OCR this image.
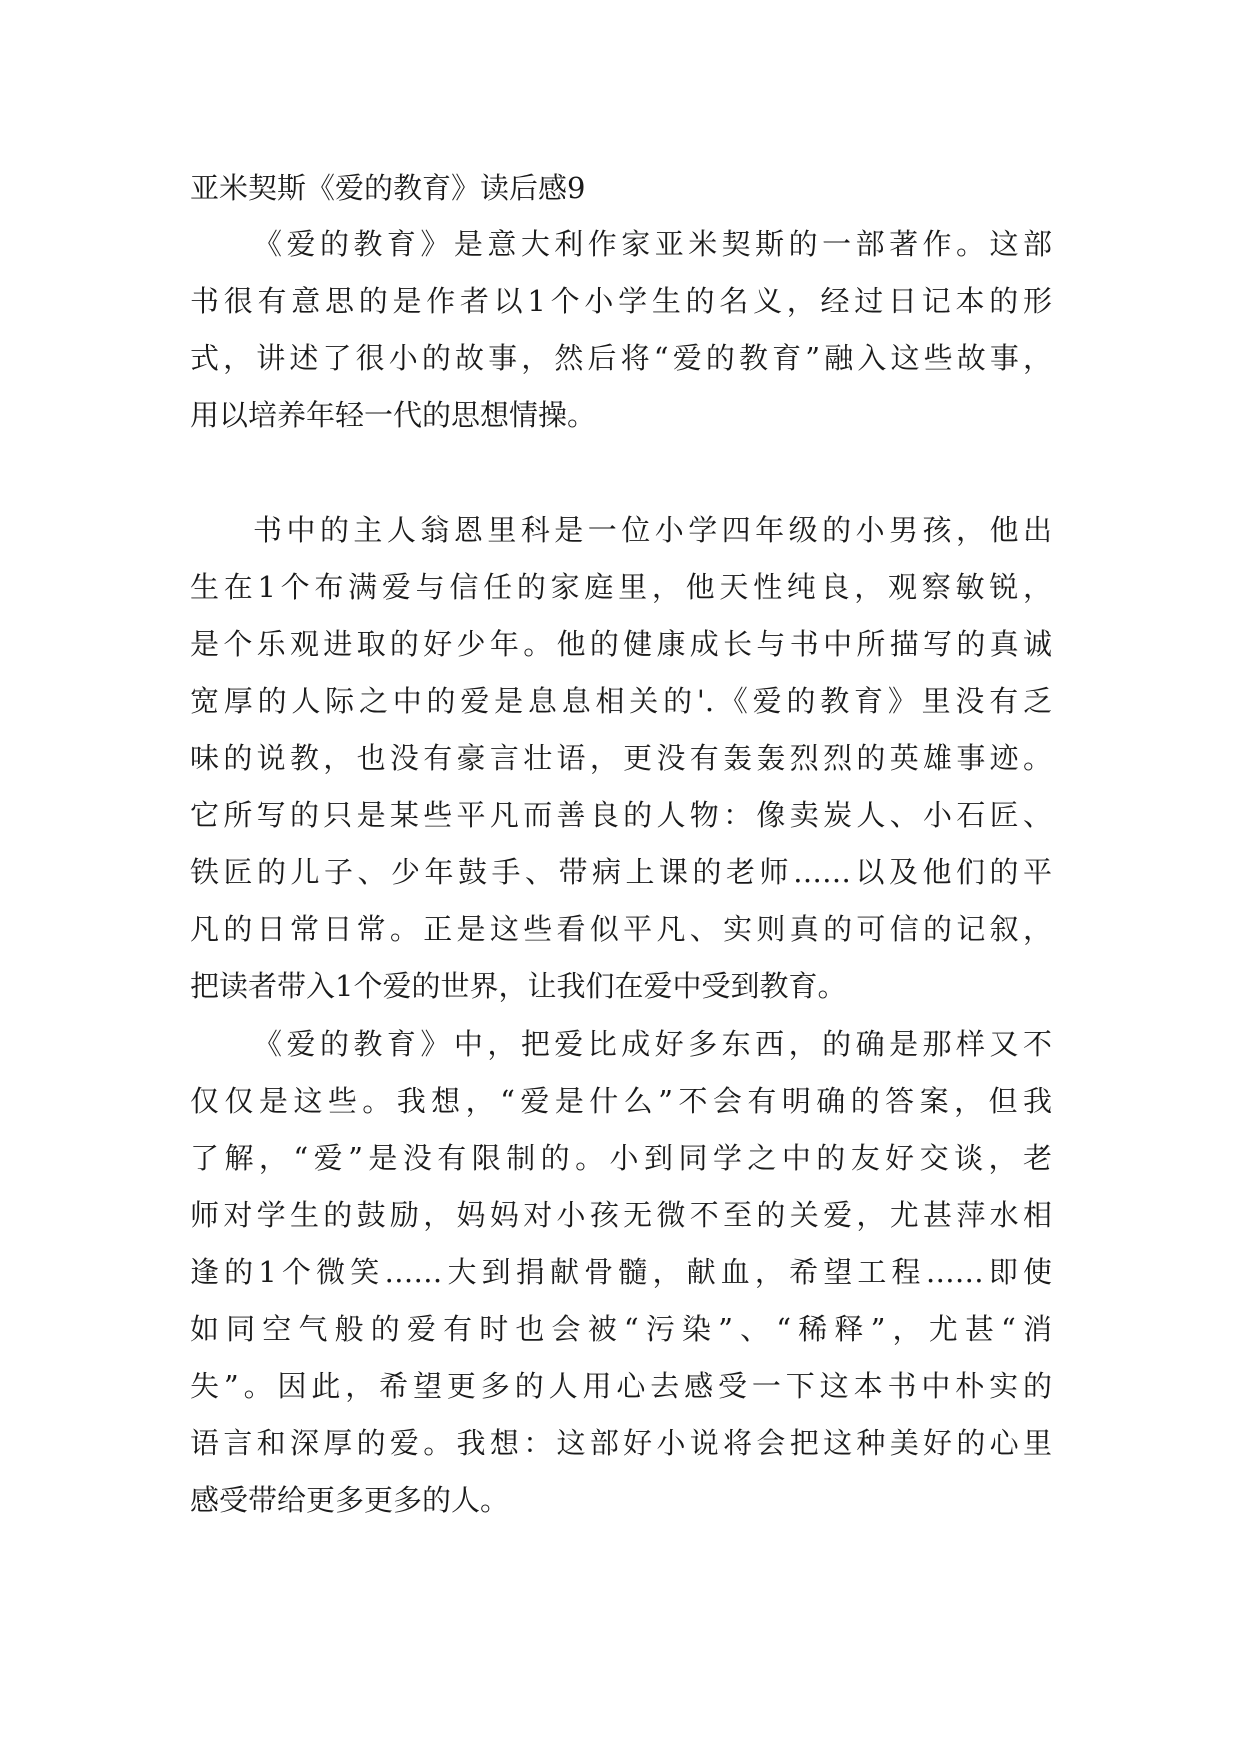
亚米契斯《爱的教育》读后感9
《爱的教育》是意大利作家亚米契斯的一部著作。这部
书很有意思的是作者以1个小学生的名义，经过日记本的形
式，讲述了很小的故事，然后将“爱的教育”融入这些故事，
用以培养年轻一代的思想情操。
书中的主人翁恩里科是一位小学四年级的小男孩，他出
生在1个布满爱与信任的家庭里，他天性纯良，观察敏锐，
是个乐观进取的好少年。他的健康成长与书中所描写的真诚
宽厚的人际之中的爱是息息相关的'.《爱的教育》里没有乏
味的说教，也没有豪言壮语，更没有轰轰烈烈的英雄事迹。
它所写的只是某些平凡而善良的人物：像卖炭人、小石匠、
铁匠的儿子、少年鼓手、带病上课的老师……以及他们的平
凡的日常日常。正是这些看似平凡、实则真的可信的记叙，
把读者带入1个爱的世界，让我们在爱中受到教育。
《爱的教育》中，把爱比成好多东西，的确是那样又不
仅仅是这些。我想，“爱是什么”不会有明确的答案，但我
了解，“爱”是没有限制的。小到同学之中的友好交谈，老
师对学生的鼓励，妈妈对小孩无微不至的关爱，尤甚萍水相
逢的1个微笑……大到捐献骨髓，献血，希望工程……即使
如同空气般的爱有时也会被“污染”、“稀释”，尤甚“消
失”。因此，希望更多的人用心去感受一下这本书中朴实的
语言和深厚的爱。我想：这部好小说将会把这种美好的心里
感受带给更多更多的人。
